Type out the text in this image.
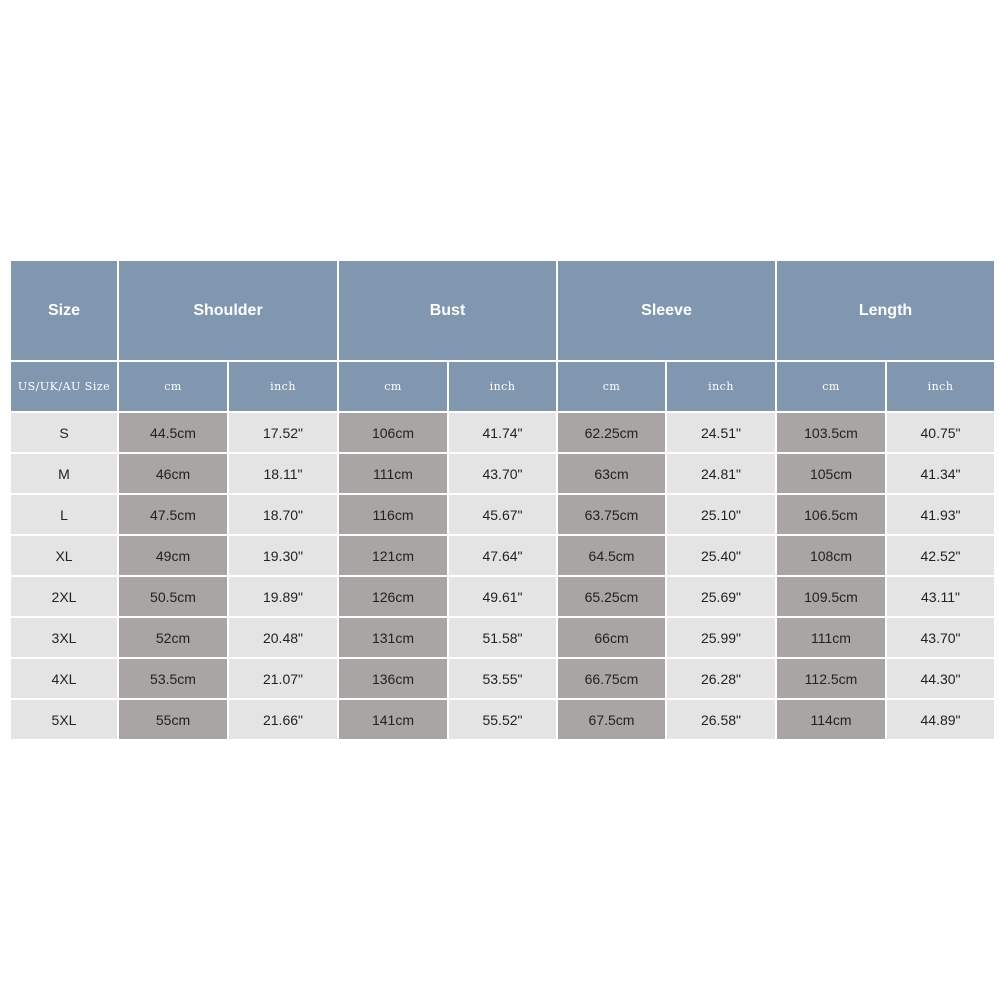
Size	Shoulder		Bust		Sleeve		Length	
US/UK/AU Size	cm	inch	cm	inch	cm	inch	cm	inch
S	44.5cm	17.52"	106cm	41.74"	62.25cm	24.51"	103.5cm	40.75"
M	46cm	18.11"	111cm	43.70"	63cm	24.81"	105cm	41.34"
L	47.5cm	18.70"	116cm	45.67"	63.75cm	25.10"	106.5cm	41.93"
XL	49cm	19.30"	121cm	47.64"	64.5cm	25.40"	108cm	42.52"
2XL	50.5cm	19.89"	126cm	49.61"	65.25cm	25.69"	109.5cm	43.11"
3XL	52cm	20.48"	131cm	51.58"	66cm	25.99"	111cm	43.70"
4XL	53.5cm	21.07"	136cm	53.55"	66.75cm	26.28"	112.5cm	44.30"
5XL	55cm	21.66"	141cm	55.52"	67.5cm	26.58"	114cm	44.89"
